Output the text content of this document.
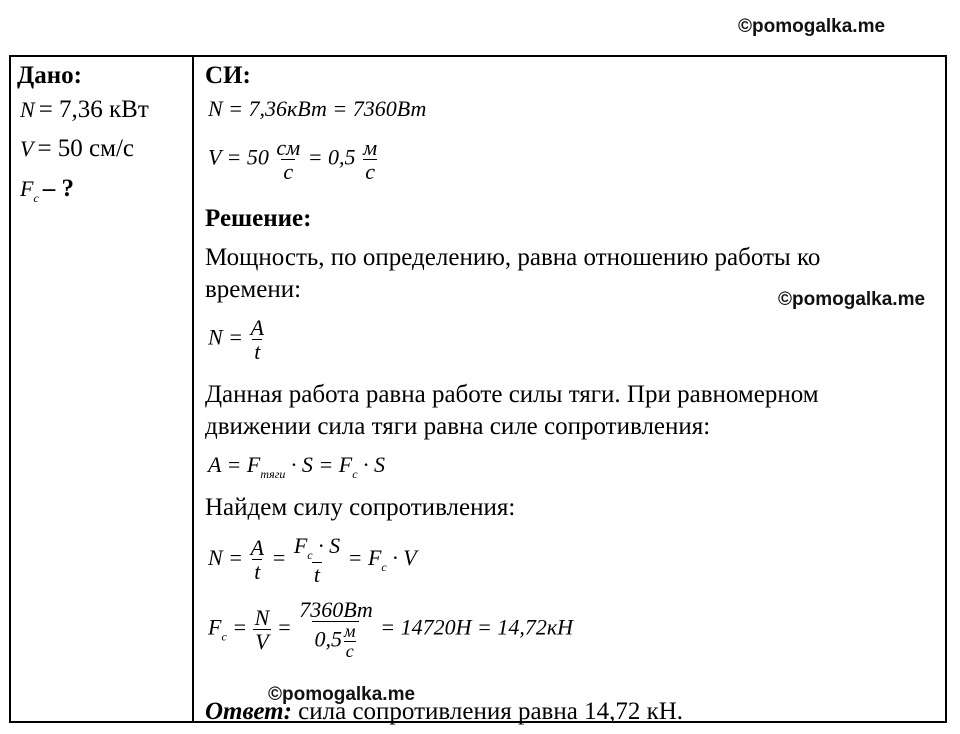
©pomogalka.me
©pomogalka.me
©pomogalka.me
Дано:
N = 7,36 кВт
V = 50 см/с
$F_с$ – ?
СИ:
N = 7,36кВт = 7360Вт
V = 50 см
с
= 0,5 м
с
Решение:
Мощность, по определению, равна отношению работы ко
времени:
$N = \frac{A}{t}$
Данная работа равна работе силы тяги. При равномерном
движении сила тяги равна силе сопротивления:
$A = F_{тяги} \cdot S = F_с \cdot S$
Найдем силу сопротивления:
$N = \frac{A}{t} = F_с \cdot S$
t
= $F_с \cdot V$
$F_с = \frac{N}{V}$ =
7360Вт
0,5 м
с
= 14720Н = 14,72кН
Ответ: сила сопротивления равна 14,72 кН.
